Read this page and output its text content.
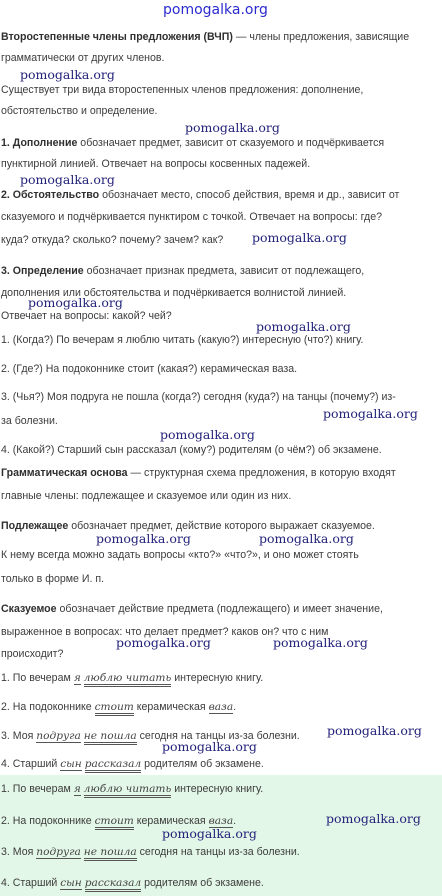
pomogalka.org
Второстепенные члены предложения (ВЧП) — члены предложения, зависящие
грамматически от других членов.
pomogalka.org
Существует три вида второстепенных членов предложения: дополнение,
обстоятельство и определение.
pomogalka.org
1. Дополнение обозначает предмет, зависит от сказуемого и подчёркивается
пунктирной линией. Отвечает на вопросы косвенных падежей.
pomogalka.org
2. Обстоятельство обозначает место, способ действия, время и др., зависит от
сказуемого и подчёркивается пунктиром с точкой. Отвечает на вопросы: где?
куда? откуда? сколько? почему? зачем? как? pomogalka.org
3. Определение обозначает признак предмета, зависит от подлежащего,
дополнения или обстоятельства и подчёркивается волнистой линией.
pomogalka.org
Отвечает на вопросы: какой? чей?
pomogalka.org
1. (Когда?) По вечерам я люблю читать (какую?) интересную (что?) книгу.
2. (Где?) На подоконнике стоит (какая?) керамическая ваза.
3. (Чья?) Моя подруга не пошла (когда?) сегодня (куда?) на танцы (почему?) из-
за болезни.	pomogalka.org
pomogalka.org
4. (Какой?) Старший сын рассказал (кому?) родителям (о чём?) об экзамене.
Грамматическая основа — структурная схема предложения, в которую входят
главные члены: подлежащее и сказуемое или один из них.
Подлежащее обозначает предмет, действие которого выражает сказуемое.
pomogalka.org	pomogalka.org
К нему всегда можно задать вопросы «кто?» «что?», и оно может стоять
только в форме И. п.
Сказуемое обозначает действие предмета (подлежащего) и имеет значение,
выраженное в вопросах: что делает предмет? каков он? что с ним
pomogalka.org	pomogalka.org
происходит?
1. По вечерам я люблю читать интересную книгу.
2. На подоконнике стоит керамическая ваза.
pomogalka.org
3. Моя подруга не пошла сегодня на танцы из-за болезни.
pomogalka.org
4. Старший сын рассказал родителям об экзамене.
1. По вечерам я люблю читать интересную книгу.
2. На подоконнике стоит керамическая ваза.	pomogalka.org
pomogalka.org
3. Моя подруга не пошла сегодня на танцы из-за болезни.
4. Старший сын рассказал родителям об экзамене.
